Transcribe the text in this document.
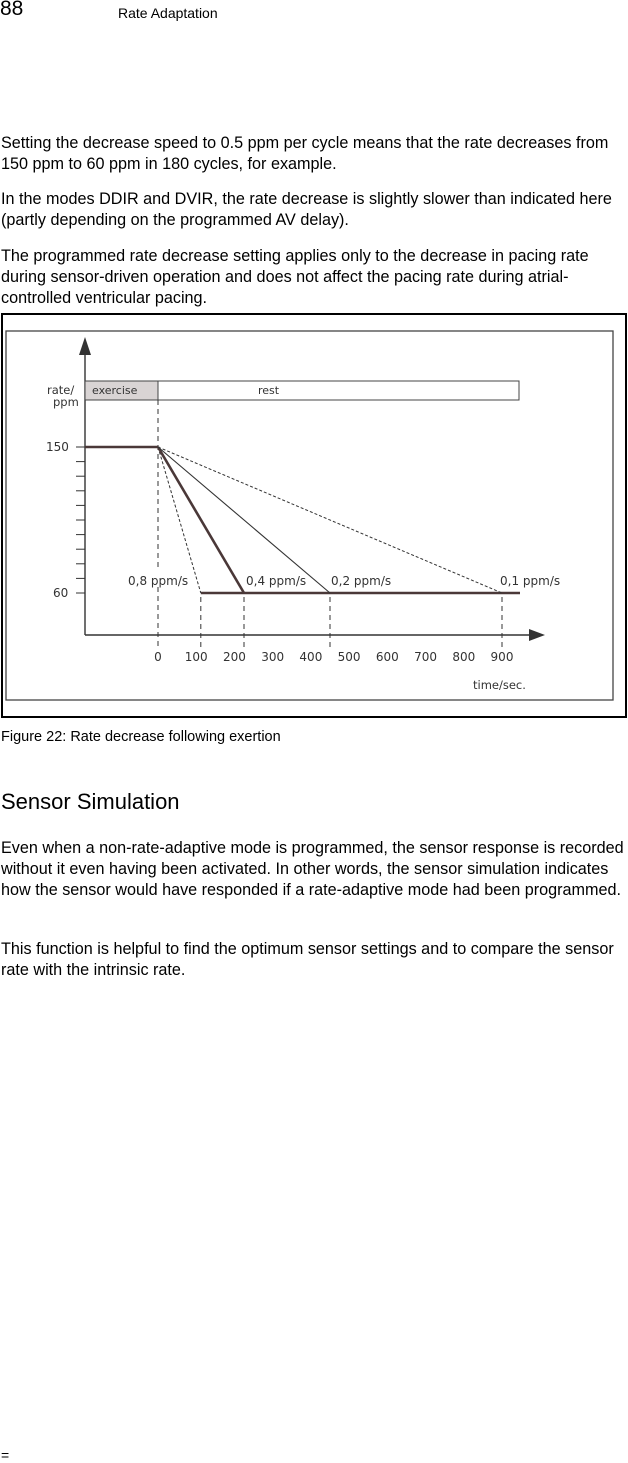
88	Rate Adaptation

Setting the decrease speed to 0.5 ppm per cycle means that the rate decreases from 150 ppm to 60 ppm in 180 cycles, for example.

In the modes DDIR and DVIR, the rate decrease is slightly slower than indicated here (partly depending on the programmed AV delay).

The programmed rate decrease setting applies only to the decrease in pacing rate during sensor-driven operation and does not affect the pacing rate during atrial-controlled ventricular pacing.

exercise	rest
rate/ ppm
150
60
0 100 200 300 400 500 600 700 800 900
0,8 ppm/s	0,4 ppm/s 0,2 ppm/s	0,1 ppm/s
time/sec.
Figure 22: Rate decrease following exertion
Sensor Simulation

Even when a non-rate-adaptive mode is programmed, the sensor response is recorded without it even having been activated. In other words, the sensor simulation indicates how the sensor would have responded if a rate-adaptive mode had been programmed.

This function is helpful to find the optimum sensor settings and to compare the sensor rate with the intrinsic rate.

=
